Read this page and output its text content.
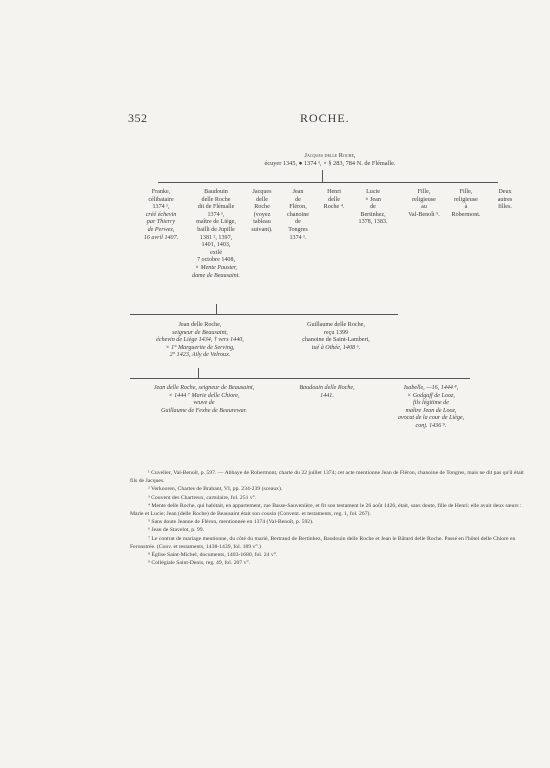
352	ROCHE.
Jacques delle Roche,
écuyer 1345, ● 1374 ¹, × § 283, 784 N. de Flémalle.
Franke,
célibataire
1374 ¹,
créé échevin
par Thierry
de Perwez,
16 avril 1407.
Baudouin
delle Roche
dit de Flémalle
1374 ¹,
maître de Liège,
bailli de Jupille
1381 ², 1397,
1401, 1403,
exilé
7 octobre 1408,
× Mente Pauster,
dame de Beausaint.
Jacques
delle
Roche
(voyez
tableau
suivant).
Jean
de
Fléron,
chanoine
de
Tongres
1374 ¹.
Henri
delle
Roche ⁴.
Lucie
× Jean
de
Bertinhez,
1378, 1383.
Fille,
religieuse
au
Val-Benoît ⁵.
Fille,
religieuse
à
Robermont.
Deux
autres
filles.
Jean delle Roche,
seigneur de Beausaint,
échevin de Liège 1434, † vers 1440,
× 1° Marguerite de Serving,
2° 1423, Aily de Velroux.
Guillaume delle Roche,
reçu 1399
chanoine de Saint-Lambert,
tué à Othée, 1408 ⁶.
Jean delle Roche, seigneur de Beausaint,
× 1444 ⁷ Marie delle Chiore,
veuve de
Guillaume de Fexhe de Beaurewar.
Baudouin delle Roche,
1441.
Isabelle, —16, 1444 ⁸,
× Godgaff de Looz,
fils légitime de
maître Jean de Looz,
avocat de la cour de Liège,
conj. 1436 ⁹.
¹ Cuvelier, Val-Benoît, p. 597. — Abbaye de Robermont, charte du 22 juillet 1374; cet acte mentionne Jean de Fléron, chanoine de Tongres, mais ne dit pas qu'il était fils de Jacques.
² Verkooren, Chartes de Brabant, VI, pp. 234-239 (sceaux).
³ Couvent des Chartreux, cartulaire, fol. 251 v°.
⁴ Mente delle Roche, qui habitait, en appartement, rue Basse-Sauvenière, et fit son testament le 26 août 1426, était, sans doute, fille de Henri; elle avait deux sœurs : Marie et Lucie; Jean (delle Roche) de Beausaint était son cousin (Convent. et testaments, reg. 1, fol. 267).
⁵ Sans doute Jeanne de Fléron, mentionnée en 1374 (Val-Benoît, p. 592).
⁶ Jean de Stavelot, p. 99.
⁷ Le contrat de mariage mentionne, du côté du marié, Bertrand de Bertinhez, Baudouin delle Roche et Jean le Bâtard delle Roche. Passé en l'hôtel delle Chiore en Feronstrée. (Conv. et testaments, 1438-1439, fol. 189 v°.)
⁸ Église Saint-Michel, documents, 1403-1680, fol. 24 v°.
⁹ Collégiale Saint-Denis, reg. 49, fol. 207 v°.
